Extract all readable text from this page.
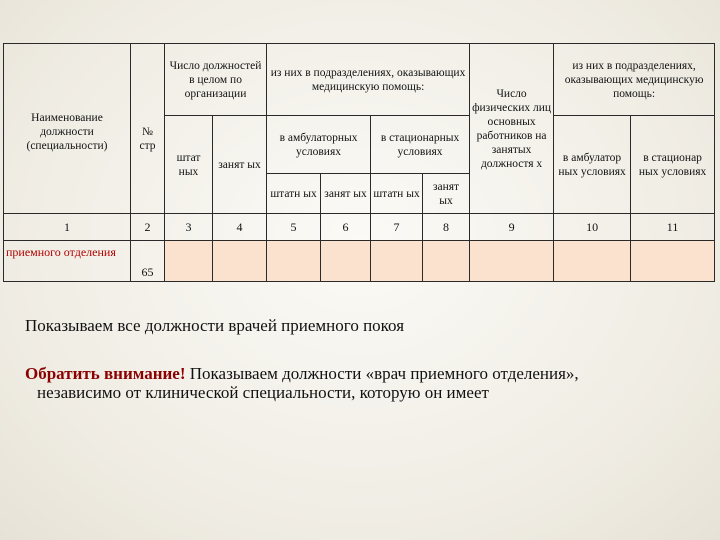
Наименование должности (специальности)	№ стр	Число должностей в целом по организации		из них в подразделениях, оказывающих медицинскую помощь:				Число физических лиц основных работников на занятых должностя х	из них в подразделениях, оказывающих медицинскую помощь:	
		штат ных	занят ых	в амбулаторных условиях		в стационарных условиях			в амбулатор ных условиях	в стационар ных условиях
				штатн ых	занят ых	штатн ых	занят ых			
1	2	3	4	5	6	7	8	9	10	11
приемного отделения	65									
Показываем все должности врачей приемного покоя
Обратить внимание! Показываем должности «врач приемного отделения»,
независимо от клинической специальности, которую он имеет
